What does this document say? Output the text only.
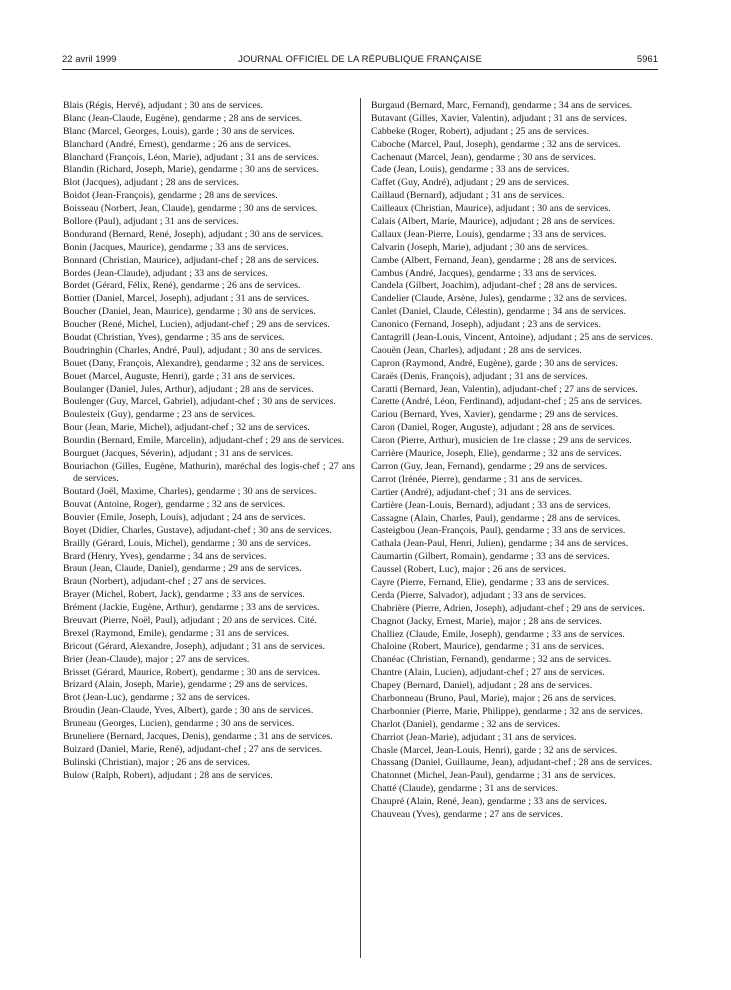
22 avril 1999	JOURNAL OFFICIEL DE LA RÉPUBLIQUE FRANÇAISE	5961

Blais (Régis, Hervé), adjudant ; 30 ans de services.

Blanc (Jean-Claude, Eugène), gendarme ; 28 ans de services.

Blanc (Marcel, Georges, Louis), garde ; 30 ans de services.

Blanchard (André, Ernest), gendarme ; 26 ans de services.

Blanchard (François, Léon, Marie), adjudant ; 31 ans de services.

Blandin (Richard, Joseph, Marie), gendarme ; 30 ans de services.

Blot (Jacques), adjudant ; 28 ans de services.

Boidot (Jean-François), gendarme ; 28 ans de services.

Boisseau (Norbert, Jean, Claude), gendarme ; 30 ans de services.

Bollore (Paul), adjudant ; 31 ans de services.

Bondurand (Bernard, René, Joseph), adjudant ; 30 ans de services.

Bonin (Jacques, Maurice), gendarme ; 33 ans de services.

Bonnard (Christian, Maurice), adjudant-chef ; 28 ans de services.

Bordes (Jean-Claude), adjudant ; 33 ans de services.

Bordet (Gérard, Félix, René), gendarme ; 26 ans de services.

Bottier (Daniel, Marcel, Joseph), adjudant ; 31 ans de services.

Boucher (Daniel, Jean, Maurice), gendarme ; 30 ans de services.

Boucher (René, Michel, Lucien), adjudant-chef ; 29 ans de services.

Boudat (Christian, Yves), gendarme ; 35 ans de services.

Boudringhin (Charles, André, Paul), adjudant ; 30 ans de services.

Bouet (Dany, François, Alexandre), gendarme ; 32 ans de services.

Bouet (Marcel, Auguste, Henri), garde ; 31 ans de services.

Boulanger (Daniel, Jules, Arthur), adjudant ; 28 ans de services.

Boulenger (Guy, Marcel, Gabriel), adjudant-chef ; 30 ans de services.

Boulesteix (Guy), gendarme ; 23 ans de services.

Bour (Jean, Marie, Michel), adjudant-chef ; 32 ans de services.

Bourdin (Bernard, Emile, Marcelin), adjudant-chef ; 29 ans de services.

Bourguet (Jacques, Séverin), adjudant ; 31 ans de services.

Bouriachon (Gilles, Eugène, Mathurin), maréchal des logis-chef ; 27 ans de services.

Boutard (Joël, Maxime, Charles), gendarme ; 30 ans de services.

Bouvat (Antoine, Roger), gendarme ; 32 ans de services.

Bouvier (Emile, Joseph, Louis), adjudant ; 24 ans de services.

Boyet (Didier, Charles, Gustave), adjudant-chef ; 30 ans de services.

Brailly (Gérard, Louis, Michel), gendarme ; 30 ans de services.

Brard (Henry, Yves), gendarme ; 34 ans de services.

Braun (Jean, Claude, Daniel), gendarme ; 29 ans de services.

Braun (Norbert), adjudant-chef ; 27 ans de services.

Brayer (Michel, Robert, Jack), gendarme ; 33 ans de services.

Brément (Jackie, Eugène, Arthur), gendarme ; 33 ans de services.

Breuvart (Pierre, Noël, Paul), adjudant ; 20 ans de services. Cité.

Brexel (Raymond, Emile), gendarme ; 31 ans de services.

Bricout (Gérard, Alexandre, Joseph), adjudant ; 31 ans de services.

Brier (Jean-Claude), major ; 27 ans de services.

Brisset (Gérard, Maurice, Robert), gendarme ; 30 ans de services.

Brizard (Alain, Joseph, Marie), gendarme ; 29 ans de services.

Brot (Jean-Luc), gendarme ; 32 ans de services.

Broudin (Jean-Claude, Yves, Albert), garde ; 30 ans de services.

Bruneau (Georges, Lucien), gendarme ; 30 ans de services.

Bruneliere (Bernard, Jacques, Denis), gendarme ; 31 ans de services.

Buizard (Daniel, Marie, René), adjudant-chef ; 27 ans de services.

Bulinski (Christian), major ; 26 ans de services.

Bulow (Ralph, Robert), adjudant ; 28 ans de services.

Burgaud (Bernard, Marc, Fernand), gendarme ; 34 ans de services.

Butavant (Gilles, Xavier, Valentin), adjudant ; 31 ans de services.

Cabbeke (Roger, Robert), adjudant ; 25 ans de services.

Caboche (Marcel, Paul, Joseph), gendarme ; 32 ans de services.

Cachenaut (Marcel, Jean), gendarme ; 30 ans de services.

Cade (Jean, Louis), gendarme ; 33 ans de services.

Caffet (Guy, André), adjudant ; 29 ans de services.

Caillaud (Bernard), adjudant ; 31 ans de services.

Cailleaux (Christian, Maurice), adjudant ; 30 ans de services.

Calais (Albert, Marie, Maurice), adjudant ; 28 ans de services.

Callaux (Jean-Pierre, Louis), gendarme ; 33 ans de services.

Calvarin (Joseph, Marie), adjudant ; 30 ans de services.

Cambe (Albert, Fernand, Jean), gendarme ; 28 ans de services.

Cambus (André, Jacques), gendarme ; 33 ans de services.

Candela (Gilbert, Joachim), adjudant-chef ; 28 ans de services.

Candelier (Claude, Arsène, Jules), gendarme ; 32 ans de services.

Canlet (Daniel, Claude, Célestin), gendarme ; 34 ans de services.

Canonico (Fernand, Joseph), adjudant ; 23 ans de services.

Cantagrill (Jean-Louis, Vincent, Antoine), adjudant ; 25 ans de services.

Caouën (Jean, Charles), adjudant ; 28 ans de services.

Capron (Raymond, André, Eugène), garde ; 30 ans de services.

Caraës (Denis, François), adjudant ; 31 ans de services.

Caratti (Bernard, Jean, Valentin), adjudant-chef ; 27 ans de services.

Carette (André, Léon, Ferdinand), adjudant-chef ; 25 ans de services.

Cariou (Bernard, Yves, Xavier), gendarme ; 29 ans de services.

Caron (Daniel, Roger, Auguste), adjudant ; 28 ans de services.

Caron (Pierre, Arthur), musicien de 1re classe ; 29 ans de services.

Carrière (Maurice, Joseph, Elie), gendarme ; 32 ans de services.

Carron (Guy, Jean, Fernand), gendarme ; 29 ans de services.

Carrot (Irénée, Pierre), gendarme ; 31 ans de services.

Cartier (André), adjudant-chef ; 31 ans de services.

Cartière (Jean-Louis, Bernard), adjudant ; 33 ans de services.

Cassagne (Alain, Charles, Paul), gendarme ; 28 ans de services.

Casteigbou (Jean-François, Paul), gendarme ; 33 ans de services.

Cathala (Jean-Paul, Henri, Julien), gendarme ; 34 ans de services.

Caumartin (Gilbert, Romain), gendarme ; 33 ans de services.

Caussel (Robert, Luc), major ; 26 ans de services.

Cayre (Pierre, Fernand, Elie), gendarme ; 33 ans de services.

Cerda (Pierre, Salvador), adjudant ; 33 ans de services.

Chabrière (Pierre, Adrien, Joseph), adjudant-chef ; 29 ans de services.

Chagnot (Jacky, Ernest, Marie), major ; 28 ans de services.

Challiez (Claude, Emile, Joseph), gendarme ; 33 ans de services.

Chaloine (Robert, Maurice), gendarme ; 31 ans de services.

Chanéac (Christian, Fernand), gendarme ; 32 ans de services.

Chantre (Alain, Lucien), adjudant-chef ; 27 ans de services.

Chapey (Bernard, Daniel), adjudant ; 28 ans de services.

Charbonneau (Bruno, Paul, Marie), major ; 26 ans de services.

Charbonnier (Pierre, Marie, Philippe), gendarme ; 32 ans de services.

Charlot (Daniel), gendarme ; 32 ans de services.

Charriot (Jean-Marie), adjudant ; 31 ans de services.

Chasle (Marcel, Jean-Louis, Henri), garde ; 32 ans de services.

Chassang (Daniel, Guillaume, Jean), adjudant-chef ; 28 ans de services.

Chatonnet (Michel, Jean-Paul), gendarme ; 31 ans de services.

Chatté (Claude), gendarme ; 31 ans de services.

Chaupré (Alain, René, Jean), gendarme ; 33 ans de services.

Chauveau (Yves), gendarme ; 27 ans de services.
